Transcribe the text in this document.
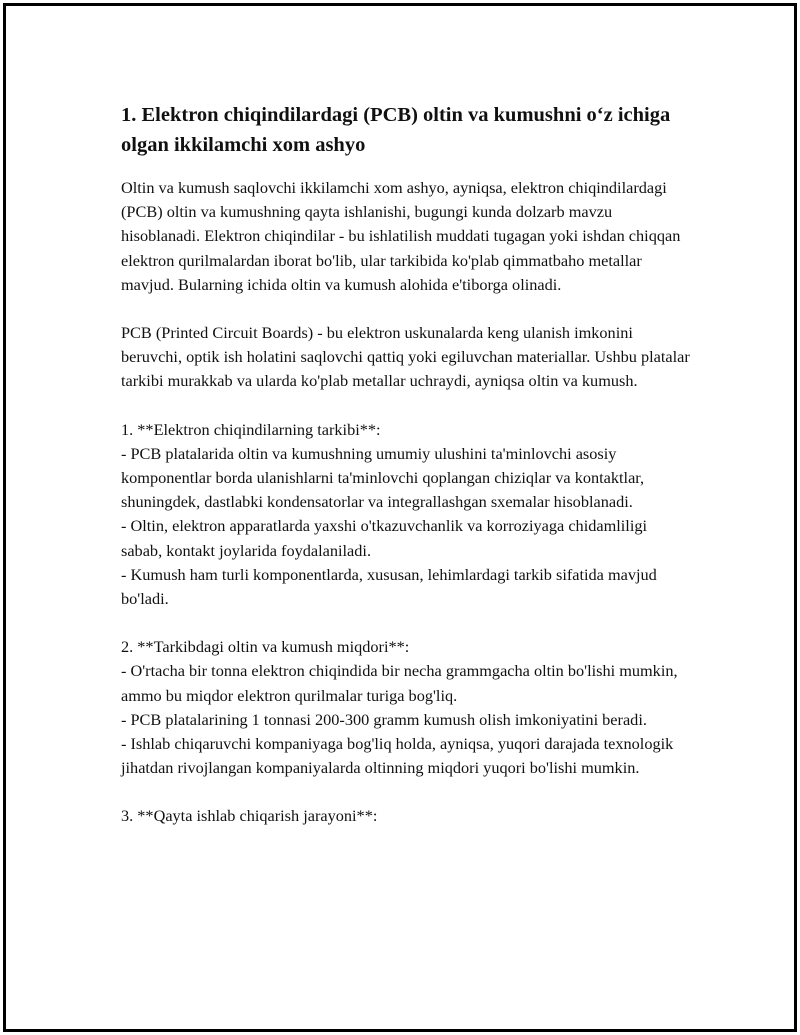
1. Elektron chiqindilardagi (PCB) oltin va kumushni o‘z ichiga olgan ikkilamchi xom ashyo

Oltin va kumush saqlovchi ikkilamchi xom ashyo, ayniqsa, elektron chiqindilardagi (PCB) oltin va kumushning qayta ishlanishi, bugungi kunda dolzarb mavzu hisoblanadi. Elektron chiqindilar - bu ishlatilish muddati tugagan yoki ishdan chiqqan elektron qurilmalardan iborat bo'lib, ular tarkibida ko'plab qimmatbaho metallar mavjud. Bularning ichida oltin va kumush alohida e'tiborga olinadi.

PCB (Printed Circuit Boards) - bu elektron uskunalarda keng ulanish imkonini beruvchi, optik ish holatini saqlovchi qattiq yoki egiluvchan materiallar. Ushbu platalar tarkibi murakkab va ularda ko'plab metallar uchraydi, ayniqsa oltin va kumush.

1. **Elektron chiqindilarning tarkibi**:
- PCB platalarida oltin va kumushning umumiy ulushini ta'minlovchi asosiy komponentlar borda ulanishlarni ta'minlovchi qoplangan chiziqlar va kontaktlar, shuningdek, dastlabki kondensatorlar va integrallashgan sxemalar hisoblanadi.
- Oltin, elektron apparatlarda yaxshi o'tkazuvchanlik va korroziyaga chidamliligi sabab, kontakt joylarida foydalaniladi.
- Kumush ham turli komponentlarda, xususan, lehimlardagi tarkib sifatida mavjud bo'ladi.

2. **Tarkibdagi oltin va kumush miqdori**:
- O'rtacha bir tonna elektron chiqindida bir necha grammgacha oltin bo'lishi mumkin, ammo bu miqdor elektron qurilmalar turiga bog'liq.
- PCB platalarining 1 tonnasi 200-300 gramm kumush olish imkoniyatini beradi.
- Ishlab chiqaruvchi kompaniyaga bog'liq holda, ayniqsa, yuqori darajada texnologik jihatdan rivojlangan kompaniyalarda oltinning miqdori yuqori bo'lishi mumkin.

3. **Qayta ishlab chiqarish jarayoni**:
